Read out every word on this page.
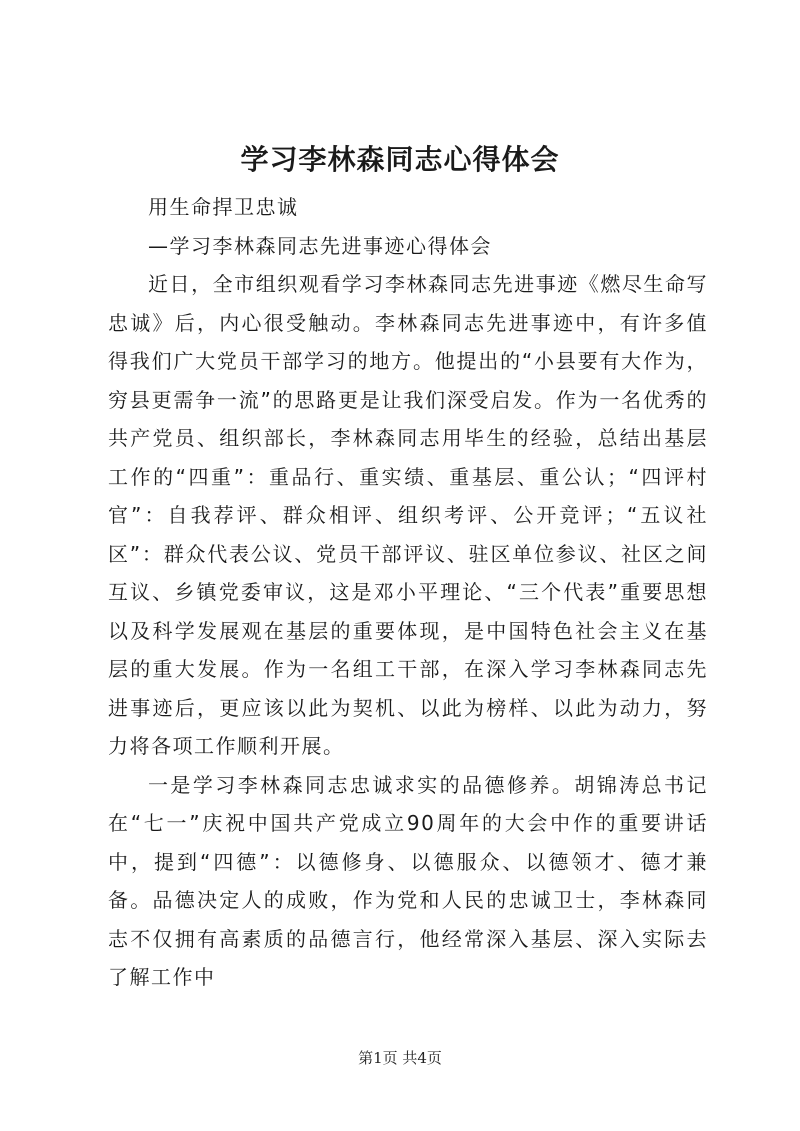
学习李林森同志心得体会

用生命捍卫忠诚

—学习李林森同志先进事迹心得体会

近日，全市组织观看学习李林森同志先进事迹《燃尽生命写忠诚》后，内心很受触动。李林森同志先进事迹中，有许多值得我们广大党员干部学习的地方。他提出的“小县要有大作为，穷县更需争一流”的思路更是让我们深受启发。作为一名优秀的共产党员、组织部长，李林森同志用毕生的经验，总结出基层工作的“四重”：重品行、重实绩、重基层、重公认；“四评村官”：自我荐评、群众相评、组织考评、公开竞评；“五议社区”：群众代表公议、党员干部评议、驻区单位参议、社区之间互议、乡镇党委审议，这是邓小平理论、“三个代表”重要思想以及科学发展观在基层的重要体现，是中国特色社会主义在基层的重大发展。作为一名组工干部，在深入学习李林森同志先进事迹后，更应该以此为契机、以此为榜样、以此为动力，努力将各项工作顺利开展。

一是学习李林森同志忠诚求实的品德修养。胡锦涛总书记在“七一”庆祝中国共产党成立90周年的大会中作的重要讲话中，提到“四德”：以德修身、以德服众、以德领才、德才兼备。品德决定人的成败，作为党和人民的忠诚卫士，李林森同志不仅拥有高素质的品德言行，他经常深入基层、深入实际去了解工作中

第1页 共4页
